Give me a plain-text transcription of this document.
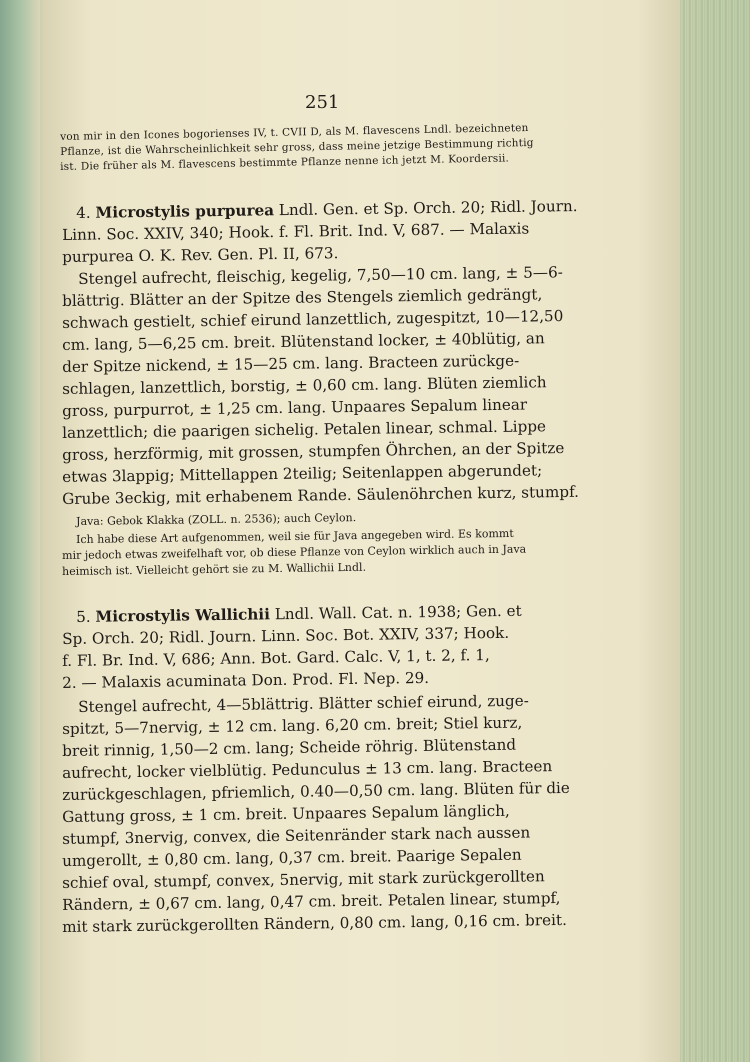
251
von mir in den Icones bogorienses IV, t. CVII D, als M. flavescens Lndl. bezeichneten
Pflanze, ist die Wahrscheinlichkeit sehr gross, dass meine jetzige Bestimmung richtig
ist. Die früher als M. flavescens bestimmte Pflanze nenne ich jetzt M. Koordersii.
4. Microstylis purpurea Lndl. Gen. et Sp. Orch. 20; Ridl. Journ.
Linn. Soc. XXIV, 340; Hook. f. Fl. Brit. Ind. V, 687. — Malaxis
purpurea O. K. Rev. Gen. Pl. II, 673.
Stengel aufrecht, fleischig, kegelig, 7,50—10 cm. lang, ± 5—6-
blättrig. Blätter an der Spitze des Stengels ziemlich gedrängt,
schwach gestielt, schief eirund lanzettlich, zugespitzt, 10—12,50
cm. lang, 5—6,25 cm. breit. Blütenstand locker, ± 40blütig, an
der Spitze nickend, ± 15—25 cm. lang. Bracteen zurückge-
schlagen, lanzettlich, borstig, ± 0,60 cm. lang. Blüten ziemlich
gross, purpurrot, ± 1,25 cm. lang. Unpaares Sepalum linear
lanzettlich; die paarigen sichelig. Petalen linear, schmal. Lippe
gross, herzförmig, mit grossen, stumpfen Öhrchen, an der Spitze
etwas 3lappig; Mittellappen 2teilig; Seitenlappen abgerundet;
Grube 3eckig, mit erhabenem Rande. Säulenöhrchen kurz, stumpf.
Java: Gebok Klakka (ZOLL. n. 2536); auch Ceylon.
Ich habe diese Art aufgenommen, weil sie für Java angegeben wird. Es kommt
mir jedoch etwas zweifelhaft vor, ob diese Pflanze von Ceylon wirklich auch in Java
heimisch ist. Vielleicht gehört sie zu M. Wallichii Lndl.
5. Microstylis Wallichii Lndl. Wall. Cat. n. 1938; Gen. et
Sp. Orch. 20; Ridl. Journ. Linn. Soc. Bot. XXIV, 337; Hook.
f. Fl. Br. Ind. V, 686; Ann. Bot. Gard. Calc. V, 1, t. 2, f. 1,
2. — Malaxis acuminata Don. Prod. Fl. Nep. 29.
Stengel aufrecht, 4—5blättrig. Blätter schief eirund, zuge-
spitzt, 5—7nervig, ± 12 cm. lang. 6,20 cm. breit; Stiel kurz,
breit rinnig, 1,50—2 cm. lang; Scheide röhrig. Blütenstand
aufrecht, locker vielblütig. Pedunculus ± 13 cm. lang. Bracteen
zurückgeschlagen, pfriemlich, 0.40—0,50 cm. lang. Blüten für die
Gattung gross, ± 1 cm. breit. Unpaares Sepalum länglich,
stumpf, 3nervig, convex, die Seitenränder stark nach aussen
umgerollt, ± 0,80 cm. lang, 0,37 cm. breit. Paarige Sepalen
schief oval, stumpf, convex, 5nervig, mit stark zurückgerollten
Rändern, ± 0,67 cm. lang, 0,47 cm. breit. Petalen linear, stumpf,
mit stark zurückgerollten Rändern, 0,80 cm. lang, 0,16 cm. breit.
